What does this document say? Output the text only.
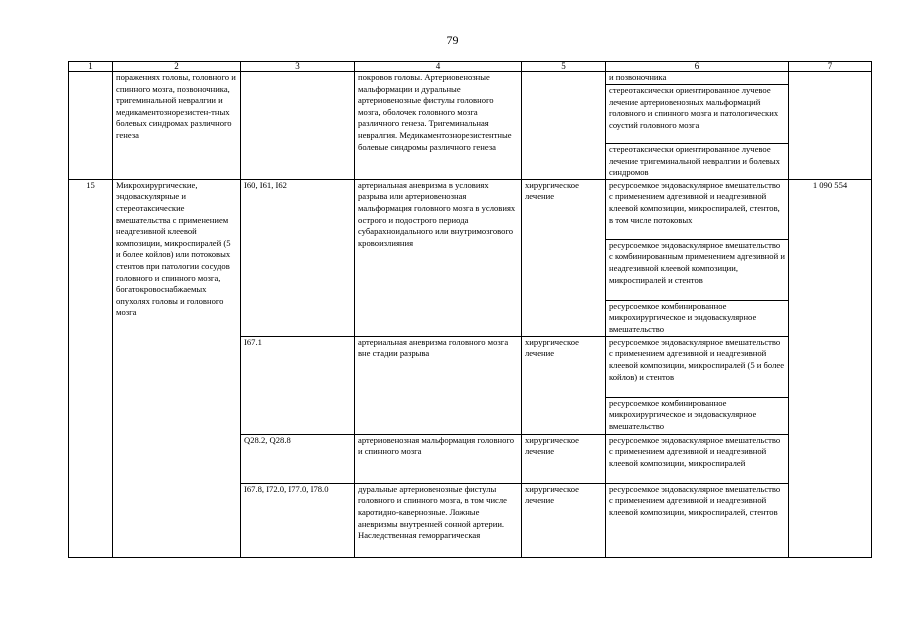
79
1	2	3	4	5	6	7
	поражениях головы, головного и спинного мозга, позвоночника, тригеминальной невралгии и медикаментознорезистен-тных болевых синдромах различного генеза		покровов головы. Артериовенозные мальформации и дуральные артериовенозные фистулы головного мозга, оболочек головного мозга различного генеза. Тригеминальная невралгия. Медикаментознорезистентные болевые синдромы различного генеза		и позвоночника	
					стереотаксически ориентированное лучевое лечение артериовенозных мальформаций головного и спинного мозга и патологических соустий головного мозга	
					стереотаксически ориентированное лучевое лечение тригеминальной невралгии и болевых синдромов	
15	Микрохирургические, эндоваскулярные и стереотаксические вмешательства с применением неадгезивной клеевой композиции, микроспиралей (5 и более койлов) или потоковых стентов при патологии сосудов головного и спинного мозга, богатокровоснабжаемых опухолях головы и головного мозга	I60, I61, I62	артериальная аневризма в условиях разрыва или артериовенозная мальформация головного мозга в условиях острого и подострого периода субарахноидального или внутримозгового кровоизлияния	хирургическое лечение	ресурсоемкое эндоваскулярное вмешательство с применением адгезивной и неадгезивной клеевой композиции, микроспиралей, стентов, в том числе потоковых	1 090 554
					ресурсоемкое эндоваскулярное вмешательство с комбинированным применением адгезивной и неадгезивной клеевой композиции, микроспиралей и стентов	
					ресурсоемкое комбинированное микрохирургическое и эндоваскулярное вмешательство	
		I67.1	артериальная аневризма головного мозга вне стадии разрыва	хирургическое лечение	ресурсоемкое эндоваскулярное вмешательство с применением адгезивной и неадгезивной клеевой композиции, микроспиралей (5 и более койлов) и стентов	
					ресурсоемкое комбинированное микрохирургическое и эндоваскулярное вмешательство	
		Q28.2, Q28.8	артериовенозная мальформация головного и спинного мозга	хирургическое лечение	ресурсоемкое эндоваскулярное вмешательство с применением адгезивной и неадгезивной клеевой композиции, микроспиралей	
		I67.8, I72.0, I77.0, I78.0	дуральные артериовенозные фистулы головного и спинного мозга, в том числе каротидно-кавернозные. Ложные аневризмы внутренней сонной артерии. Наследственная геморрагическая	хирургическое лечение	ресурсоемкое эндоваскулярное вмешательство с применением адгезивной и неадгезивной клеевой композиции, микроспиралей, стентов	
